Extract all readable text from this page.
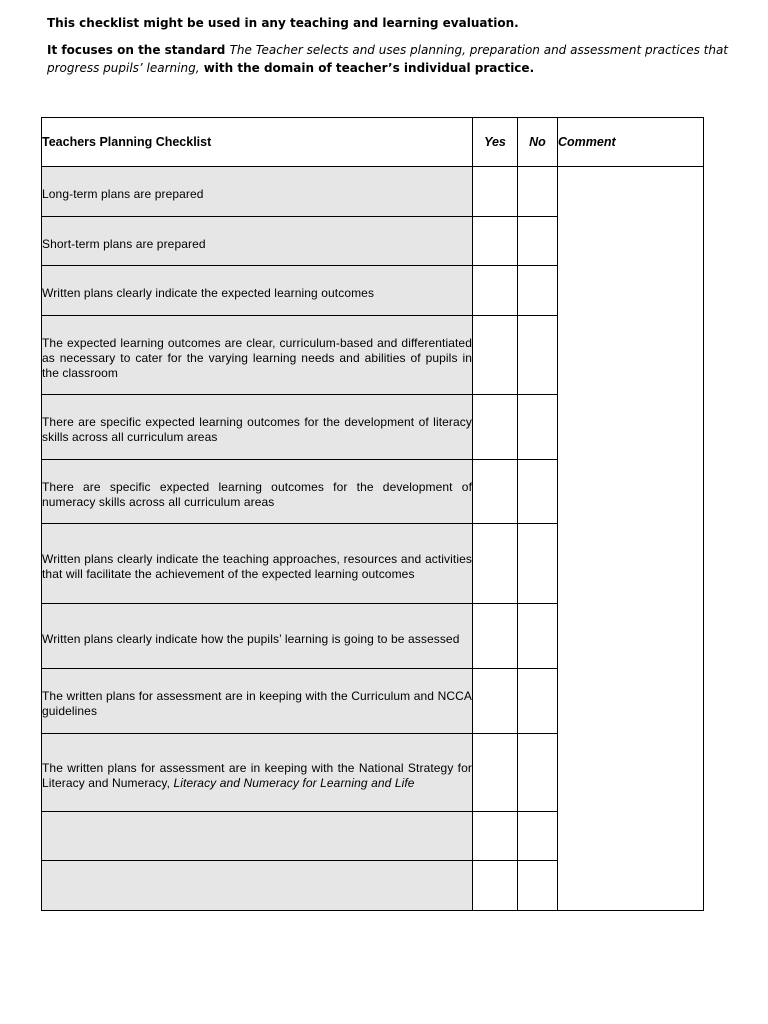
This checklist might be used in any teaching and learning evaluation.

It focuses on the standard The Teacher selects and uses planning, preparation and assessment practices that progress pupils’ learning, with the domain of teacher’s individual practice.

Teachers Planning Checklist	Yes	No	Comment

Long-term plans are prepared			

Short-term plans are prepared			

Written plans clearly indicate the expected learning outcomes			

The expected learning outcomes are clear, curriculum-based and differentiated as necessary to cater for the varying learning needs and abilities of pupils in the classroom			

There are specific expected learning outcomes for the development of literacy skills across all curriculum areas			

There are specific expected learning outcomes for the development of numeracy skills across all curriculum areas			

Written plans clearly indicate the teaching approaches, resources and activities that will facilitate the achievement of the expected learning outcomes			

Written plans clearly indicate how the pupils’ learning is going to be assessed			

The written plans for assessment are in keeping with the Curriculum and NCCA guidelines			

The written plans for assessment are in keeping with the National Strategy for Literacy and Numeracy, Literacy and Numeracy for Learning and Life			
